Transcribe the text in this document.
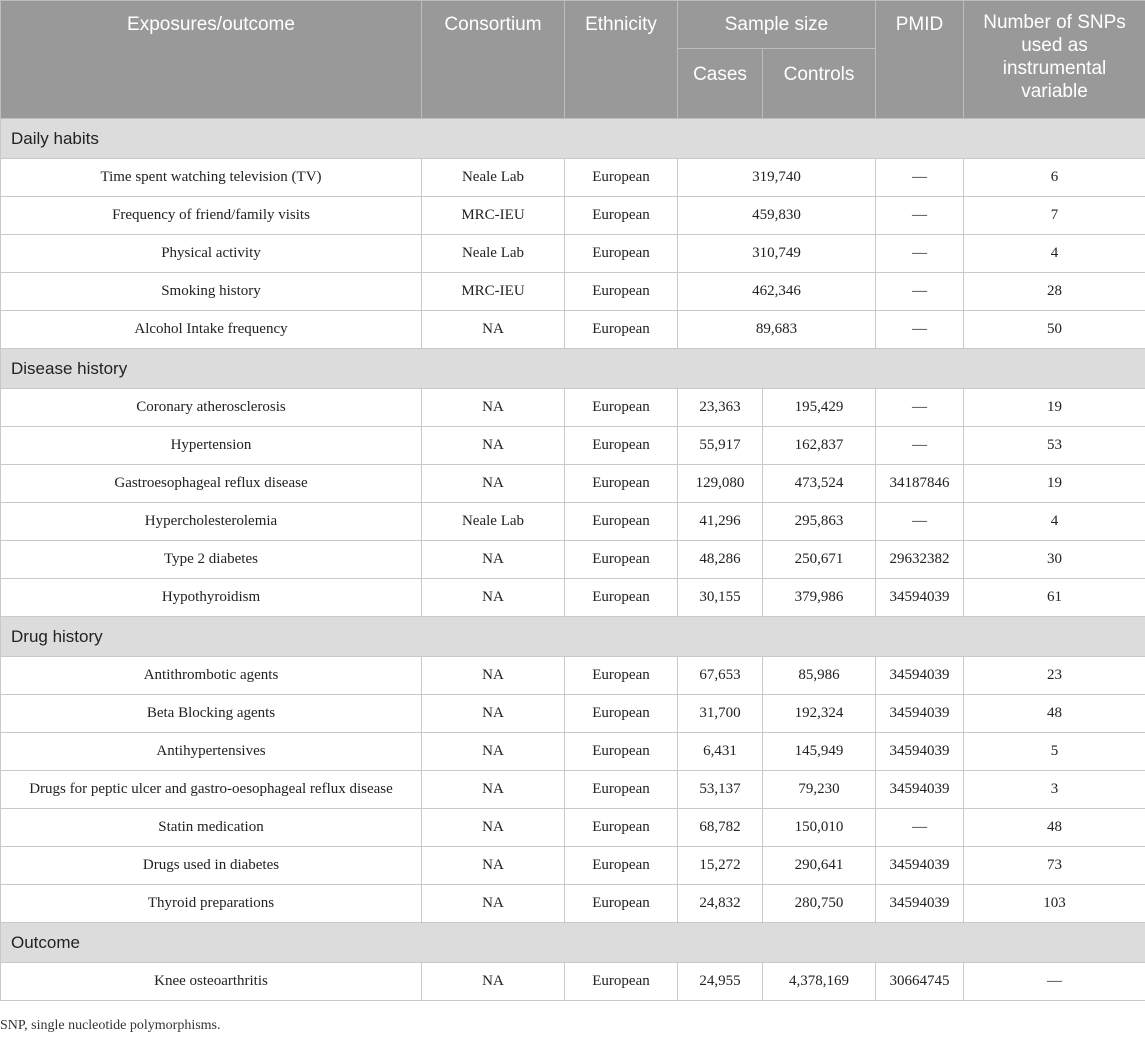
Exposures/outcome	Consortium	Ethnicity	Sample size		PMID	Number of SNPs used as instrumental variable
			Cases	Controls		
Daily habits						
Time spent watching television (TV)	Neale Lab	European	319,740		—	6
Frequency of friend/family visits	MRC-IEU	European	459,830		—	7
Physical activity	Neale Lab	European	310,749		—	4
Smoking history	MRC-IEU	European	462,346		—	28
Alcohol Intake frequency	NA	European	89,683		—	50
Disease history						
Coronary atherosclerosis	NA	European	23,363	195,429	—	19
Hypertension	NA	European	55,917	162,837	—	53
Gastroesophageal reflux disease	NA	European	129,080	473,524	34187846	19
Hypercholesterolemia	Neale Lab	European	41,296	295,863	—	4
Type 2 diabetes	NA	European	48,286	250,671	29632382	30
Hypothyroidism	NA	European	30,155	379,986	34594039	61
Drug history						
Antithrombotic agents	NA	European	67,653	85,986	34594039	23
Beta Blocking agents	NA	European	31,700	192,324	34594039	48
Antihypertensives	NA	European	6,431	145,949	34594039	5
Drugs for peptic ulcer and gastro-oesophageal reflux disease	NA	European	53,137	79,230	34594039	3
Statin medication	NA	European	68,782	150,010	—	48
Drugs used in diabetes	NA	European	15,272	290,641	34594039	73
Thyroid preparations	NA	European	24,832	280,750	34594039	103
Outcome						
Knee osteoarthritis	NA	European	24,955	4,378,169	30664745	—
SNP, single nucleotide polymorphisms.
